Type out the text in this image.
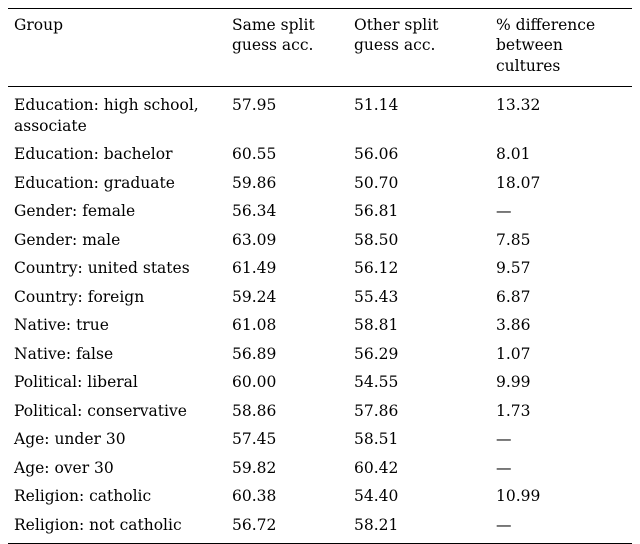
Group	Same split guess acc.	Other split guess acc.	% difference between cultures
Education: high school, associate	57.95	51.14	13.32
Education: bachelor	60.55	56.06	8.01
Education: graduate	59.86	50.70	18.07
Gender: female	56.34	56.81	—
Gender: male	63.09	58.50	7.85
Country: united states	61.49	56.12	9.57
Country: foreign	59.24	55.43	6.87
Native: true	61.08	58.81	3.86
Native: false	56.89	56.29	1.07
Political: liberal	60.00	54.55	9.99
Political: conservative	58.86	57.86	1.73
Age: under 30	57.45	58.51	—
Age: over 30	59.82	60.42	—
Religion: catholic	60.38	54.40	10.99
Religion: not catholic	56.72	58.21	—
